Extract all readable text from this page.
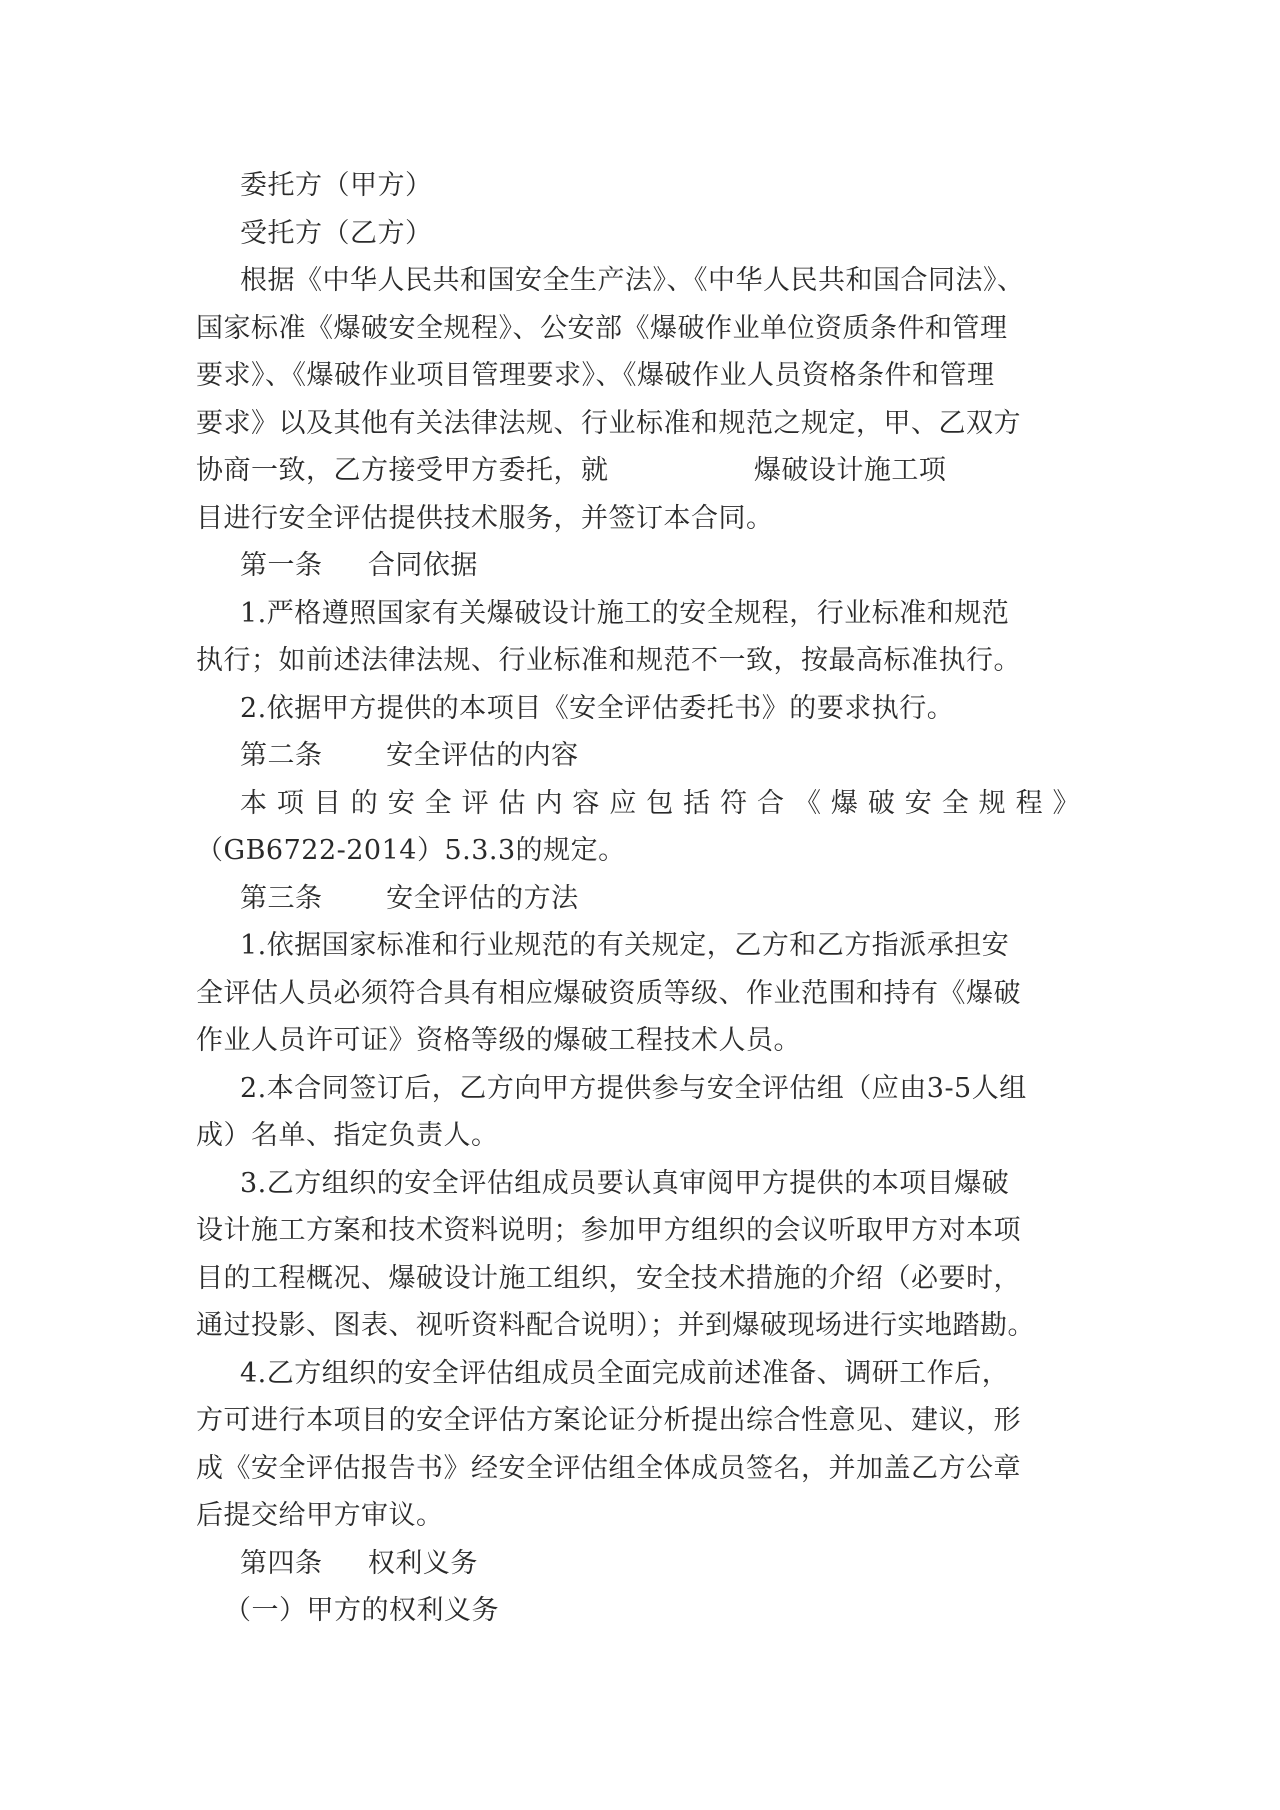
委托方（甲方）
受托方（乙方）
根据《中华人民共和国安全生产法》、《中华人民共和国合同法》、
国家标准《爆破安全规程》、公安部《爆破作业单位资质条件和管理
要求》、《爆破作业项目管理要求》、《爆破作业人员资格条件和管理
要求》以及其他有关法律法规、行业标准和规范之规定，甲、乙双方
协商一致，乙方接受甲方委托，就                爆破设计施工项
目进行安全评估提供技术服务，并签订本合同。
第一条     合同依据
1.严格遵照国家有关爆破设计施工的安全规程，行业标准和规范
执行；如前述法律法规、行业标准和规范不一致，按最高标准执行。
2.依据甲方提供的本项目《安全评估委托书》的要求执行。
第二条       安全评估的内容
本项目的安全评估内容应包括符合《爆破安全规程》
（GB6722-2014）5.3.3的规定。
第三条       安全评估的方法
1.依据国家标准和行业规范的有关规定，乙方和乙方指派承担安
全评估人员必须符合具有相应爆破资质等级、作业范围和持有《爆破
作业人员许可证》资格等级的爆破工程技术人员。
2.本合同签订后，乙方向甲方提供参与安全评估组（应由3-5人组
成）名单、指定负责人。
3.乙方组织的安全评估组成员要认真审阅甲方提供的本项目爆破
设计施工方案和技术资料说明；参加甲方组织的会议听取甲方对本项
目的工程概况、爆破设计施工组织，安全技术措施的介绍（必要时，
通过投影、图表、视听资料配合说明）；并到爆破现场进行实地踏勘。
4.乙方组织的安全评估组成员全面完成前述准备、调研工作后，
方可进行本项目的安全评估方案论证分析提出综合性意见、建议，形
成《安全评估报告书》经安全评估组全体成员签名，并加盖乙方公章
后提交给甲方审议。
第四条     权利义务
（一）甲方的权利义务
